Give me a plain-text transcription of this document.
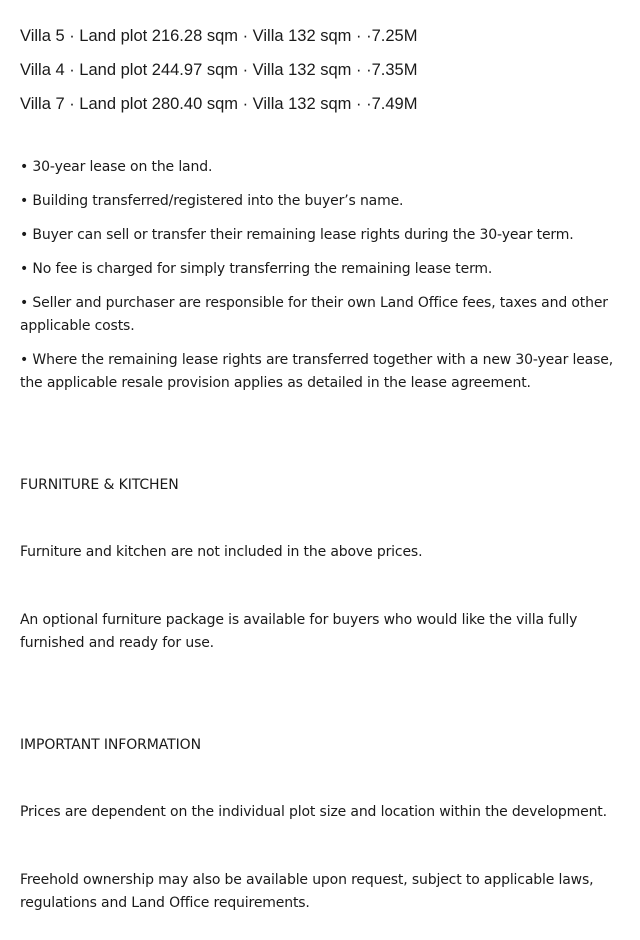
Villa 5 · Land plot 216.28 sqm · Villa 132 sqm · ·7.25M
Villa 4 · Land plot 244.97 sqm · Villa 132 sqm · ·7.35M
Villa 7 · Land plot 280.40 sqm · Villa 132 sqm · ·7.49M
• 30-year lease on the land.
• Building transferred/registered into the buyer’s name.
• Buyer can sell or transfer their remaining lease rights during the 30-year term.
• No fee is charged for simply transferring the remaining lease term.
• Seller and purchaser are responsible for their own Land Office fees, taxes and other applicable costs.
• Where the remaining lease rights are transferred together with a new 30-year lease, the applicable resale provision applies as detailed in the lease agreement.
FURNITURE & KITCHEN
Furniture and kitchen are not included in the above prices.
An optional furniture package is available for buyers who would like the villa fully furnished and ready for use.
IMPORTANT INFORMATION
Prices are dependent on the individual plot size and location within the development.
Freehold ownership may also be available upon request, subject to applicable laws, regulations and Land Office requirements.
